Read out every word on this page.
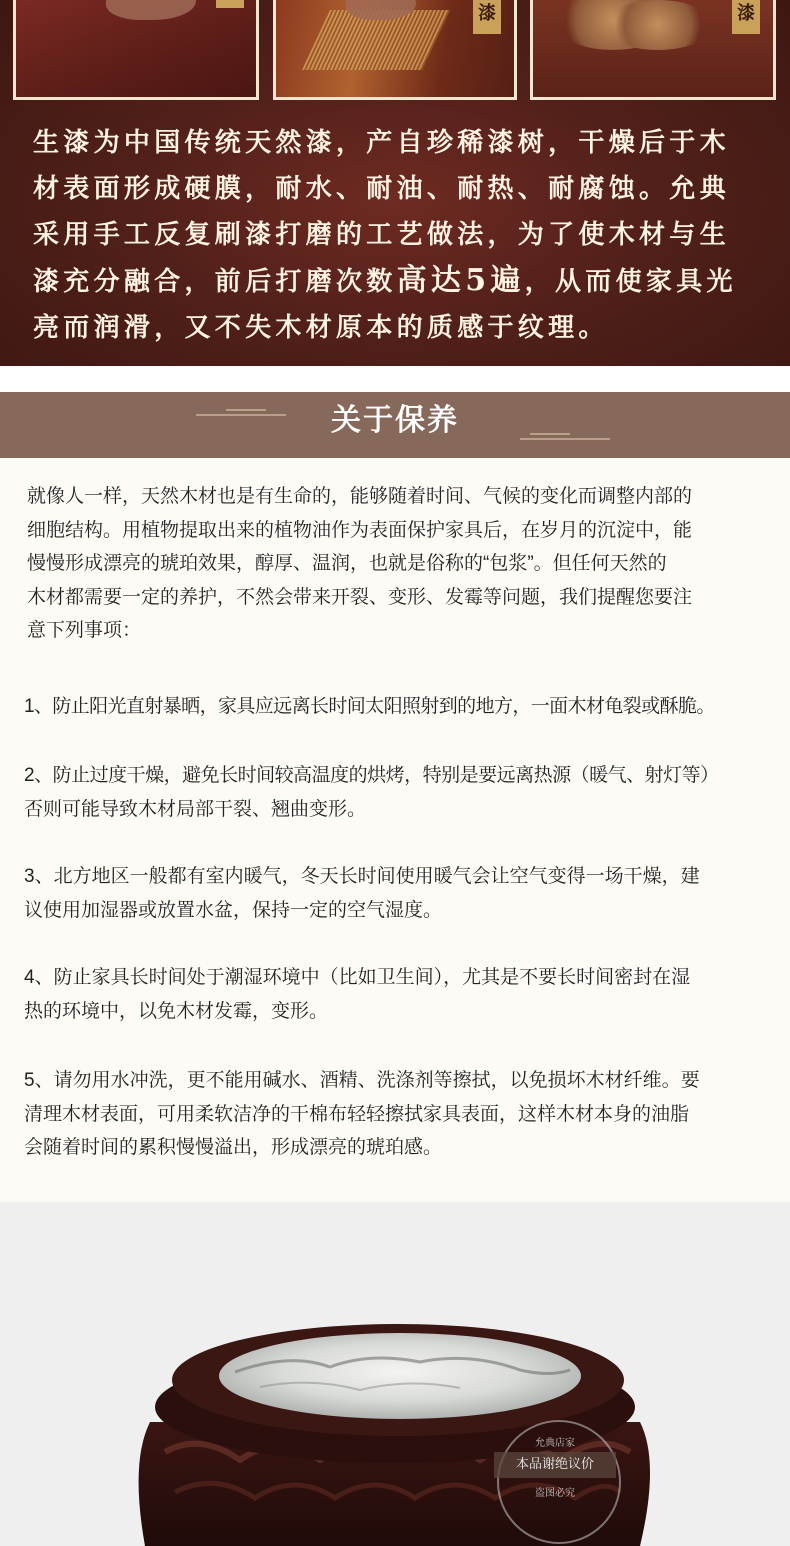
漆	漆
生漆为中国传统天然漆，产自珍稀漆树，干燥后于木
材表面形成硬膜，耐水、耐油、耐热、耐腐蚀。允典
采用手工反复刷漆打磨的工艺做法，为了使木材与生
漆充分融合，前后打磨次数高达5遍，从而使家具光
亮而润滑，又不失木材原本的质感于纹理。
关于保养
就像人一样，天然木材也是有生命的，能够随着时间、气候的变化而调整内部的
细胞结构。用植物提取出来的植物油作为表面保护家具后，在岁月的沉淀中，能
慢慢形成漂亮的琥珀效果，醇厚、温润，也就是俗称的“包浆”。但任何天然的
木材都需要一定的养护，不然会带来开裂、变形、发霉等问题，我们提醒您要注
意下列事项：
1、防止阳光直射暴晒，家具应远离长时间太阳照射到的地方，一面木材龟裂或酥脆。
2、防止过度干燥，避免长时间较高温度的烘烤，特别是要远离热源（暖气、射灯等）
否则可能导致木材局部干裂、翘曲变形。
3、北方地区一般都有室内暖气，冬天长时间使用暖气会让空气变得一场干燥，建
议使用加湿器或放置水盆，保持一定的空气湿度。
4、防止家具长时间处于潮湿环境中（比如卫生间），尤其是不要长时间密封在湿
热的环境中，以免木材发霉，变形。
5、请勿用水冲洗，更不能用碱水、酒精、洗涤剂等擦拭，以免损坏木材纤维。要
清理木材表面，可用柔软洁净的干棉布轻轻擦拭家具表面，这样木材本身的油脂
会随着时间的累积慢慢溢出，形成漂亮的琥珀感。
允典店家
本品谢绝议价
盗图必究
